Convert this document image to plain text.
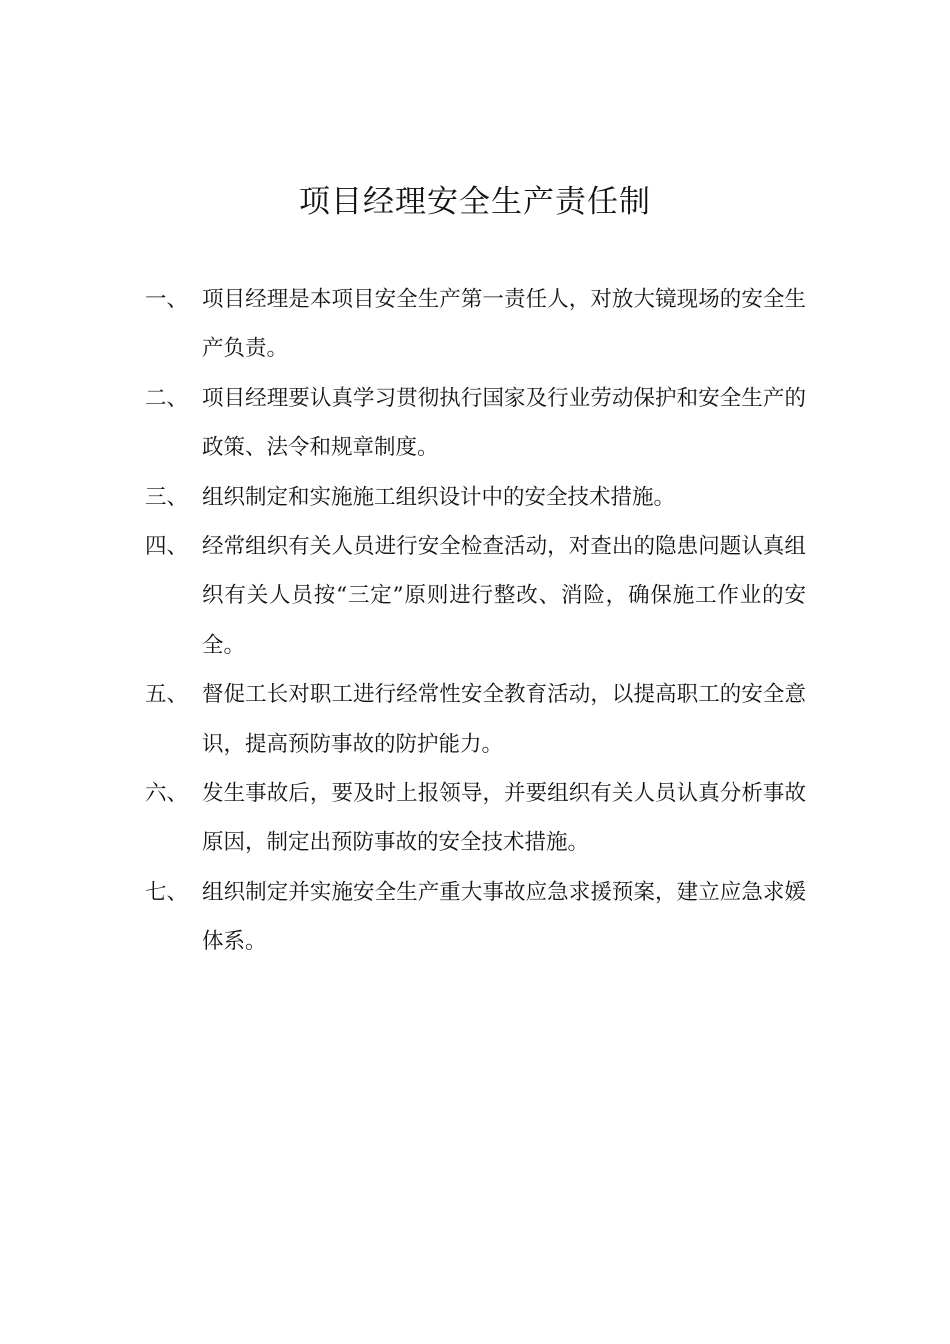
项目经理安全生产责任制
一、 项目经理是本项目安全生产第一责任人，对放大镜现场的安全生产负责。
二、 项目经理要认真学习贯彻执行国家及行业劳动保护和安全生产的政策、法令和规章制度。
三、 组织制定和实施施工组织设计中的安全技术措施。
四、 经常组织有关人员进行安全检查活动，对查出的隐患问题认真组织有关人员按“三定”原则进行整改、消险，确保施工作业的安全。
五、 督促工长对职工进行经常性安全教育活动，以提高职工的安全意识，提高预防事故的防护能力。
六、 发生事故后，要及时上报领导，并要组织有关人员认真分析事故原因，制定出预防事故的安全技术措施。
七、 组织制定并实施安全生产重大事故应急求援预案，建立应急求媛体系。
